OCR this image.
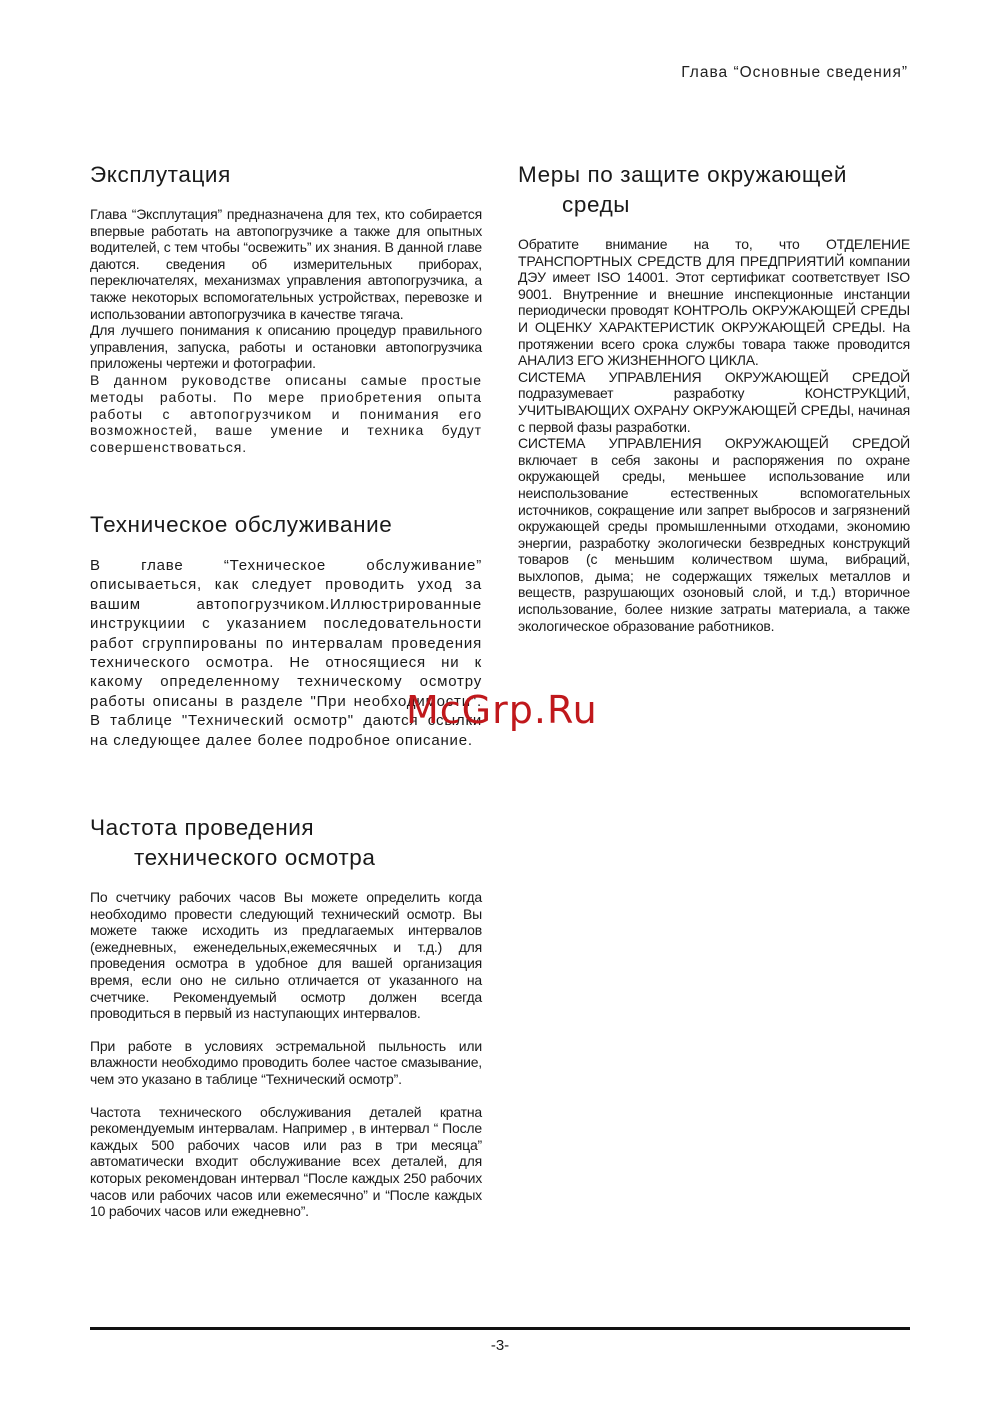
Глава “Основные сведения”
Эксплутация

Глава “Эксплутация” предназначена для тех, кто собирается впервые работать на автопогрузчике а также для опытных водителей, с тем чтобы “освежить” их знания. В данной главе даются. сведения об измерительных приборах, переключателях, механизмах управления автопогрузчика, а также некоторых вспомогательных устройствах, перевозке и использовании автопогрузчика в качестве тягача.

Для лучшего понимания к описанию процедур правильного управления, запуска, работы и остановки автопогрузчика приложены чертежи и фотографии.

В данном руководстве описаны самые простые методы работы. По мере приобретения опыта работы с автопогрузчиком и понимания его возможностей, ваше умение и техника будут совершенствоваться.

Техническое обслуживание

В главе “Техническое обслуживание” описываеться, как следует проводить уход за вашим автопогрузчиком.Иллюстрированные инструкциии с указанием последовательности работ сгруппированы по интервалам проведения технического осмотра. Не относящиеся ни к какому определенному техническому осмотру работы описаны в разделе "При необходимости". В таблице "Технический осмотр" даются ссылки на следующее далее более подробное описание.

Частота проведения
технического осмотра

По счетчику рабочих часов Вы можете определить когда необходимо провести следующий технический осмотр. Вы можете также исходить из предлагаемых интервалов (ежедневных, еженедельных,ежемесячных и т.д.) для проведения осмотра в удобное для вашей организация время, если оно не сильно отличается от указанного на счетчике. Рекомендуемый осмотр должен всегда проводиться в первый из наступающих интервалов.

При работе в условиях эстремальной пыльность или влажности необходимо проводить более частое смазывание, чем это указано в таблице “Технический осмотр”.

Частота технического обслуживания деталей кратна рекомендуемым интервалам. Например , в интервал “ После каждых 500 рабочих часов или раз в три месяца” автоматически входит обслуживание всех деталей, для которых рекомендован интервал “После каждых 250 рабочих часов или рабочих часов или ежемесячно” и “После каждых 10 рабочих часов или ежедневно”.

Меры по защите окружающей
среды

Обратите внимание на то, что ОТДЕЛЕНИЕ ТРАНСПОРТНЫХ СРЕДСТВ ДЛЯ ПРЕДПРИЯТИЙ компании ДЭУ имеет ISO 14001. Этот сертификат соответствует ISO 9001. Внутренние и внешние инспекционные инстанции периодически проводят КОНТРОЛЬ ОКРУЖАЮЩЕЙ СРЕДЫ И ОЦЕНКУ ХАРАКТЕРИСТИК ОКРУЖАЮЩЕЙ СРЕДЫ. На протяжении всего срока службы товара также проводится АНАЛИЗ ЕГО ЖИЗНЕННОГО ЦИКЛА.

СИСТЕМА УПРАВЛЕНИЯ ОКРУЖАЮЩЕЙ СРЕДОЙ подразумевает разработку КОНСТРУКЦИЙ, УЧИТЫВАЮЩИХ ОХРАНУ ОКРУЖАЮЩЕЙ СРЕДЫ, начиная с первой фазы разработки.

СИСТЕМА УПРАВЛЕНИЯ ОКРУЖАЮЩЕЙ СРЕДОЙ включает в себя законы и распоряжения по охране окружающей среды, меньшее использование или неиспользование естественных вспомогательных источников, сокращение или запрет выбросов и загрязнений окружающей среды промышленными отходами, экономию энергии, разработку экологически безвредных конструкций товаров (с меньшим количеством шума, вибраций, выхлопов, дыма; не содержащих тяжелых металлов и веществ, разрушающих озоновый слой, и т.д.) вторичное использование, более низкие затраты материала, а также экологическое образование работников.

McGrp.Ru
-3-
